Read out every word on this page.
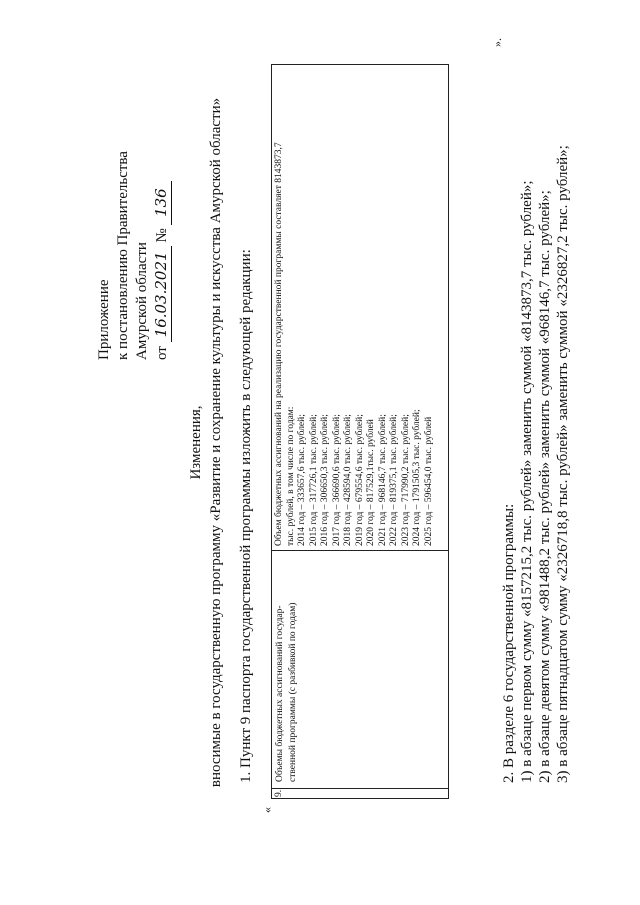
Приложение к постановлению Правительства Амурской области от 16.03.2021 № 136
Изменения, вносимые в государственную программу «Развитие и сохранение культуры и искусства Амурской области» 1. Пункт 9 паспорта государственной программы изложить в следующей редакции:
«
9.
Объемы бюджетных ассигнований государ- ственной программы (с разбивкой по годам)
Объем бюджетных ассигнований на реализацию государственной программы составляет 8143873,7 тыс. рублей, в том числе по годам: 2014 год – 333657,6 тыс. рублей; 2015 год – 317726,1 тыс. рублей; 2016 год – 306650,3 тыс. рублей; 2017 год – 366690,6 тыс. рублей; 2018 год – 428594,0 тыс. рублей; 2019 год – 679554,6 тыс. рублей; 2020 год – 817529,1тыс. рублей 2021 год – 968146,7 тыс. рублей; 2022 год – 819375,1 тыс. рублей; 2023 год – 717990,2 тыс. рублей; 2024 год – 1791505,3 тыс. рублей; 2025 год – 596454,0 тыс. рублей
».
2. В разделе 6 государственной программы: 1) в абзаце первом сумму «8157215,2 тыс. рублей» заменить суммой «8143873,7 тыс. рублей»; 2) в абзаце девятом сумму «981488,2 тыс. рублей» заменить суммой «968146,7 тыс. рублей»; 3) в абзаце пятнадцатом сумму «2326718,8 тыс. рублей» заменить суммой «2326827,2 тыс. рублей»;
